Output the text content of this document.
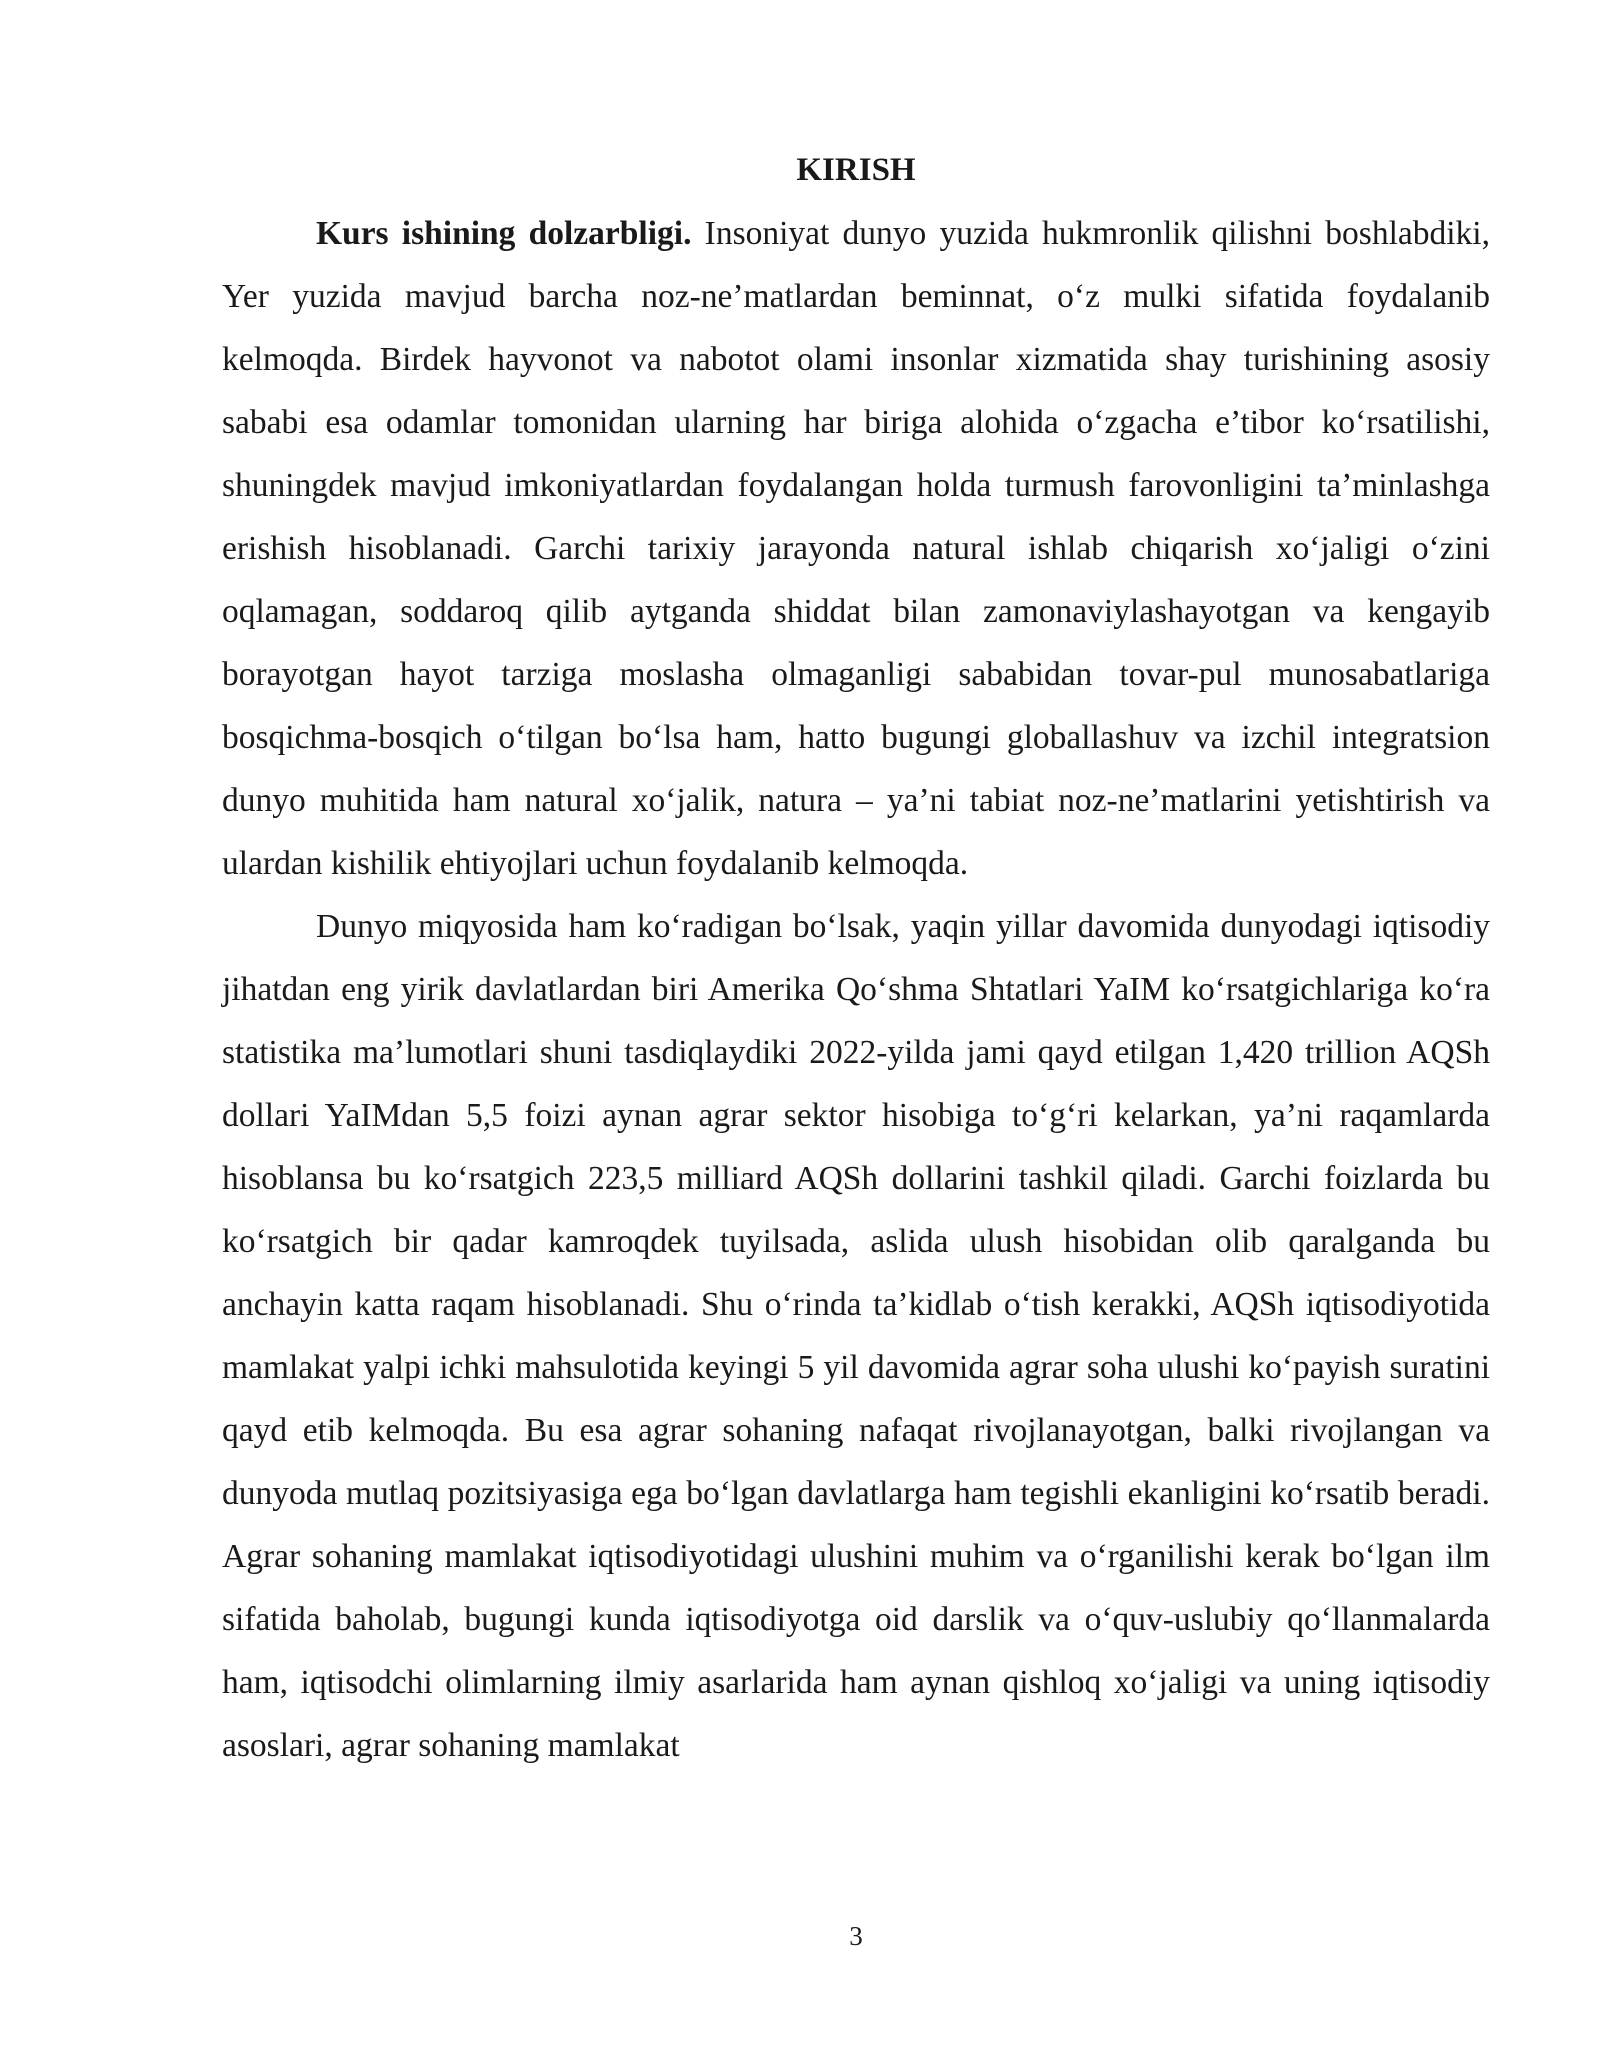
KIRISH

Kurs ishining dolzarbligi. Insoniyat dunyo yuzida hukmronlik qilishni boshlabdiki, Yer yuzida mavjud barcha noz-ne’matlardan beminnat, o‘z mulki sifatida foydalanib kelmoqda. Birdek hayvonot va nabotot olami insonlar xizmatida shay turishining asosiy sababi esa odamlar tomonidan ularning har biriga alohida o‘zgacha e’tibor ko‘rsatilishi, shuningdek mavjud imkoniyatlardan foydalangan holda turmush farovonligini ta’minlashga erishish hisoblanadi. Garchi tarixiy jarayonda natural ishlab chiqarish xo‘jaligi o‘zini oqlamagan, soddaroq qilib aytganda shiddat bilan zamonaviylashayotgan va kengayib borayotgan hayot tarziga moslasha olmaganligi sababidan tovar-pul munosabatlariga bosqichma-bosqich o‘tilgan bo‘lsa ham, hatto bugungi globallashuv va izchil integratsion dunyo muhitida ham natural xo‘jalik, natura – ya’ni tabiat noz-ne’matlarini yetishtirish va ulardan kishilik ehtiyojlari uchun foydalanib kelmoqda.

Dunyo miqyosida ham ko‘radigan bo‘lsak, yaqin yillar davomida dunyodagi iqtisodiy jihatdan eng yirik davlatlardan biri Amerika Qo‘shma Shtatlari YaIM ko‘rsatgichlariga ko‘ra statistika ma’lumotlari shuni tasdiqlaydiki 2022-yilda jami qayd etilgan 1,420 trillion AQSh dollari YaIMdan 5,5 foizi aynan agrar sektor hisobiga to‘g‘ri kelarkan, ya’ni raqamlarda hisoblansa bu ko‘rsatgich 223,5 milliard AQSh dollarini tashkil qiladi. Garchi foizlarda bu ko‘rsatgich bir qadar kamroqdek tuyilsada, aslida ulush hisobidan olib qaralganda bu anchayin katta raqam hisoblanadi. Shu o‘rinda ta’kidlab o‘tish kerakki, AQSh iqtisodiyotida mamlakat yalpi ichki mahsulotida keyingi 5 yil davomida agrar soha ulushi ko‘payish suratini qayd etib kelmoqda. Bu esa agrar sohaning nafaqat rivojlanayotgan, balki rivojlangan va dunyoda mutlaq pozitsiyasiga ega bo‘lgan davlatlarga ham tegishli ekanligini ko‘rsatib beradi. Agrar sohaning mamlakat iqtisodiyotidagi ulushini muhim va o‘rganilishi kerak bo‘lgan ilm sifatida baholab, bugungi kunda iqtisodiyotga oid darslik va o‘quv-uslubiy qo‘llanmalarda ham, iqtisodchi olimlarning ilmiy asarlarida ham aynan qishloq xo‘jaligi va uning iqtisodiy asoslari, agrar sohaning mamlakat

3
